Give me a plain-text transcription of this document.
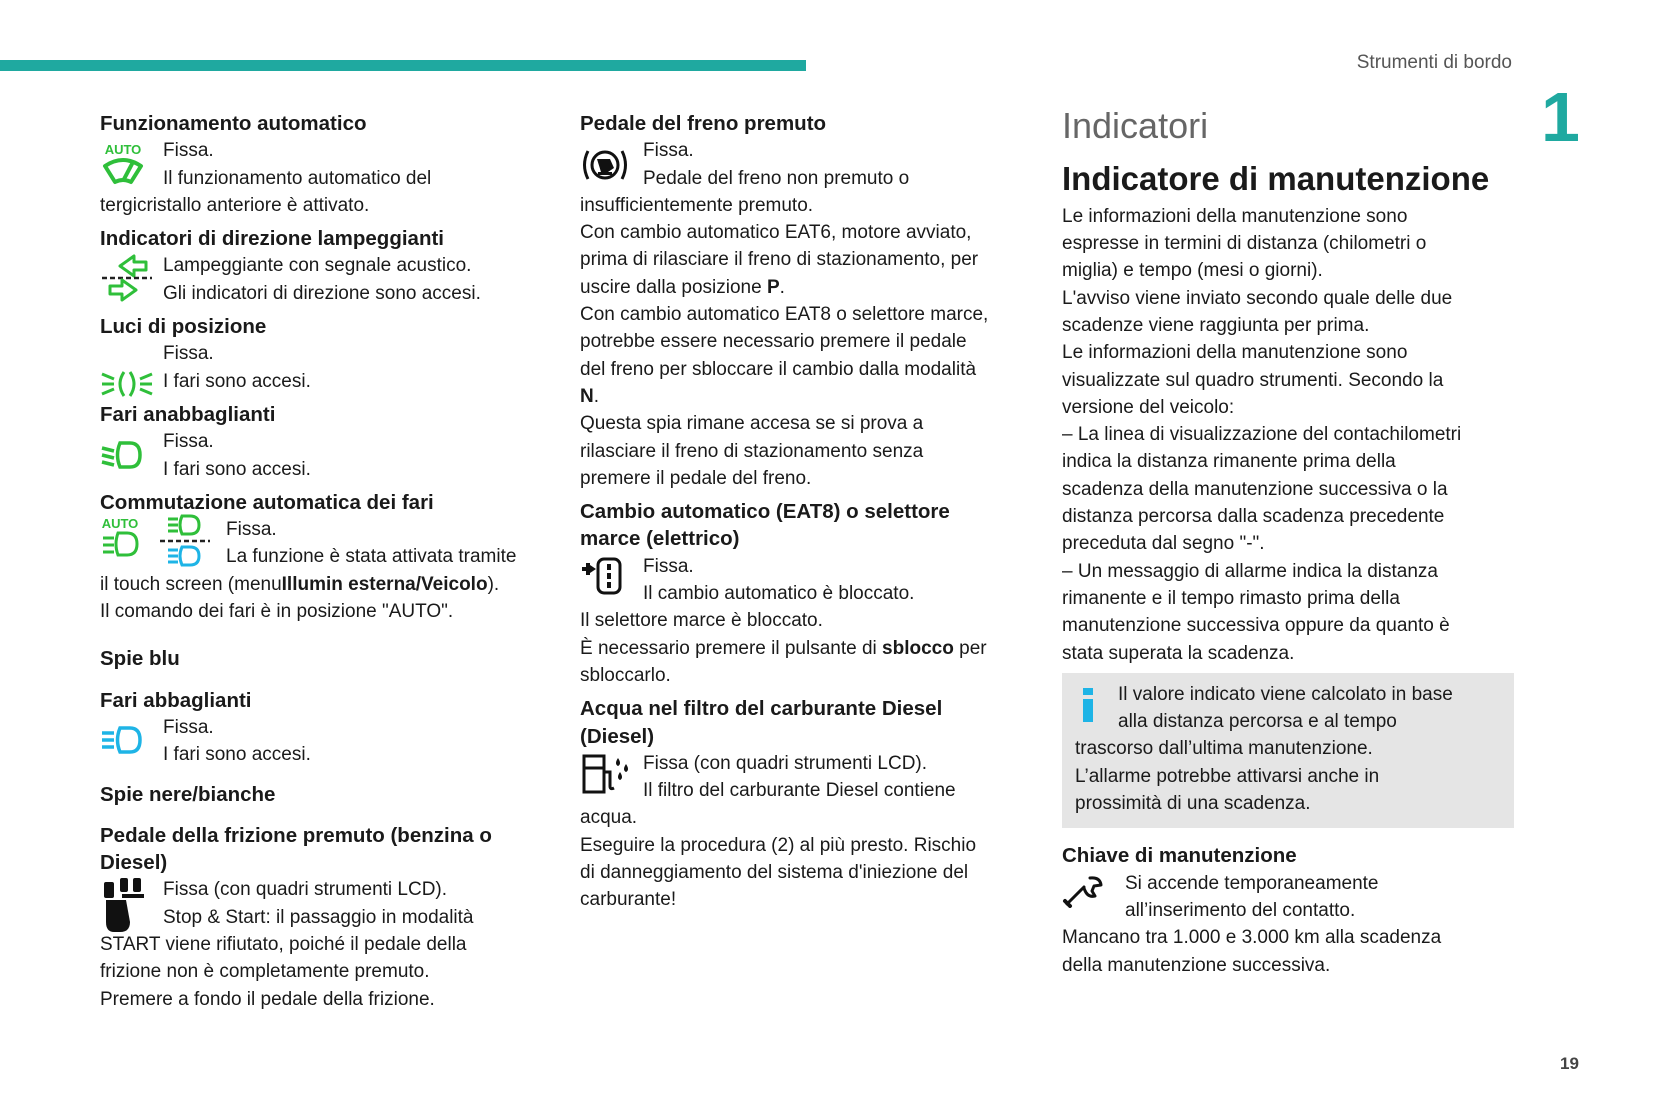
Strumenti di bordo
1
19
Funzionamento automatico
AUTO	Fissa.

Il funzionamento automatico del

tergicristallo anteriore è attivato.

Indicatori di direzione lampeggianti

Lampeggiante con segnale acustico.

Gli indicatori di direzione sono accesi.

Luci di posizione

Fissa.

I fari sono accesi.

Fari anabbaglianti

Fissa.

I fari sono accesi.

Commutazione automatica dei fari
AUTO	Fissa.

La funzione è stata attivata tramite

il touch screen (menuIllumin esterna/Veicolo).

Il comando dei fari è in posizione "AUTO".

Spie blu
Fari abbaglianti

Fissa.

I fari sono accesi.

Spie nere/bianche
Pedale della frizione premuto (benzina o
Diesel)

Fissa (con quadri strumenti LCD).

Stop & Start: il passaggio in modalità

START viene rifiutato, poiché il pedale della

frizione non è completamente premuto.

Premere a fondo il pedale della frizione.

Pedale del freno premuto

Fissa.

Pedale del freno non premuto o

insufficientemente premuto.

Con cambio automatico EAT6, motore avviato,

prima di rilasciare il freno di stazionamento, per

uscire dalla posizione P.

Con cambio automatico EAT8 o selettore marce,

potrebbe essere necessario premere il pedale

del freno per sbloccare il cambio dalla modalità

N.

Questa spia rimane accesa se si prova a

rilasciare il freno di stazionamento senza

premere il pedale del freno.

Cambio automatico (EAT8) o selettore
marce (elettrico)

Fissa.

Il cambio automatico è bloccato.

Il selettore marce è bloccato.

È necessario premere il pulsante di sblocco per

sbloccarlo.

Acqua nel filtro del carburante Diesel
(Diesel)

Fissa (con quadri strumenti LCD).

Il filtro del carburante Diesel contiene

acqua.

Eseguire la procedura (2) al più presto. Rischio

di danneggiamento del sistema d'iniezione del

carburante!

Indicatori
Indicatore di manutenzione

Le informazioni della manutenzione sono

espresse in termini di distanza (chilometri o

miglia) e tempo (mesi o giorni).

L'avviso viene inviato secondo quale delle due

scadenze viene raggiunta per prima.

Le informazioni della manutenzione sono

visualizzate sul quadro strumenti. Secondo la

versione del veicolo:

– La linea di visualizzazione del contachilometri

indica la distanza rimanente prima della

scadenza della manutenzione successiva o la

distanza percorsa dalla scadenza precedente

preceduta dal segno "-".

– Un messaggio di allarme indica la distanza

rimanente e il tempo rimasto prima della

manutenzione successiva oppure da quanto è

stata superata la scadenza.

Il valore indicato viene calcolato in base

alla distanza percorsa e al tempo

trascorso dall’ultima manutenzione.

L’allarme potrebbe attivarsi anche in

prossimità di una scadenza.

Chiave di manutenzione

Si accende temporaneamente

all’inserimento del contatto.

Mancano tra 1.000 e 3.000 km alla scadenza

della manutenzione successiva.
